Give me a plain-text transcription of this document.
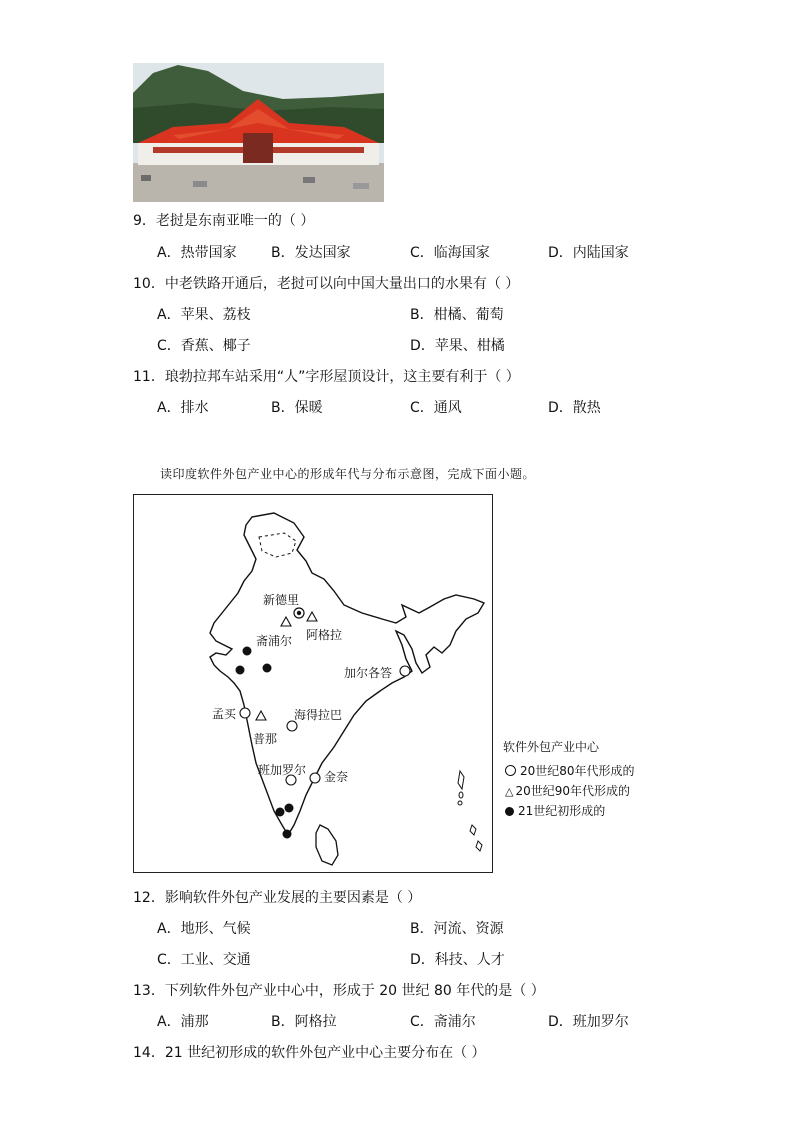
9．老挝是东南亚唯一的（ ）
A．热带国家 B．发达国家	C．临海国家	D．内陆国家
10．中老铁路开通后，老挝可以向中国大量出口的水果有（ ）
A．苹果、荔枝	B．柑橘、葡萄
C．香蕉、椰子	D．苹果、柑橘
11．琅勃拉邦车站采用“人”字形屋顶设计，这主要有利于（ ）
A．排水	B．保暖	C．通风	D．散热
读印度软件外包产业中心的形成年代与分布示意图，完成下面小题。
新德里
阿格拉
斋浦尔
加尔各答
孟买	海得拉巴
普那
班加罗尔 金奈
软件外包产业中心
20世纪80年代形成的
△ 20世纪90年代形成的
21世纪初形成的
12．影响软件外包产业发展的主要因素是（ ）
A．地形、气候	B．河流、资源
C．工业、交通	D．科技、人才
13．下列软件外包产业中心中，形成于 20 世纪 80 年代的是（ ）
A．浦那	B．阿格拉	C．斋浦尔	D．班加罗尔
14．21 世纪初形成的软件外包产业中心主要分布在（ ）
